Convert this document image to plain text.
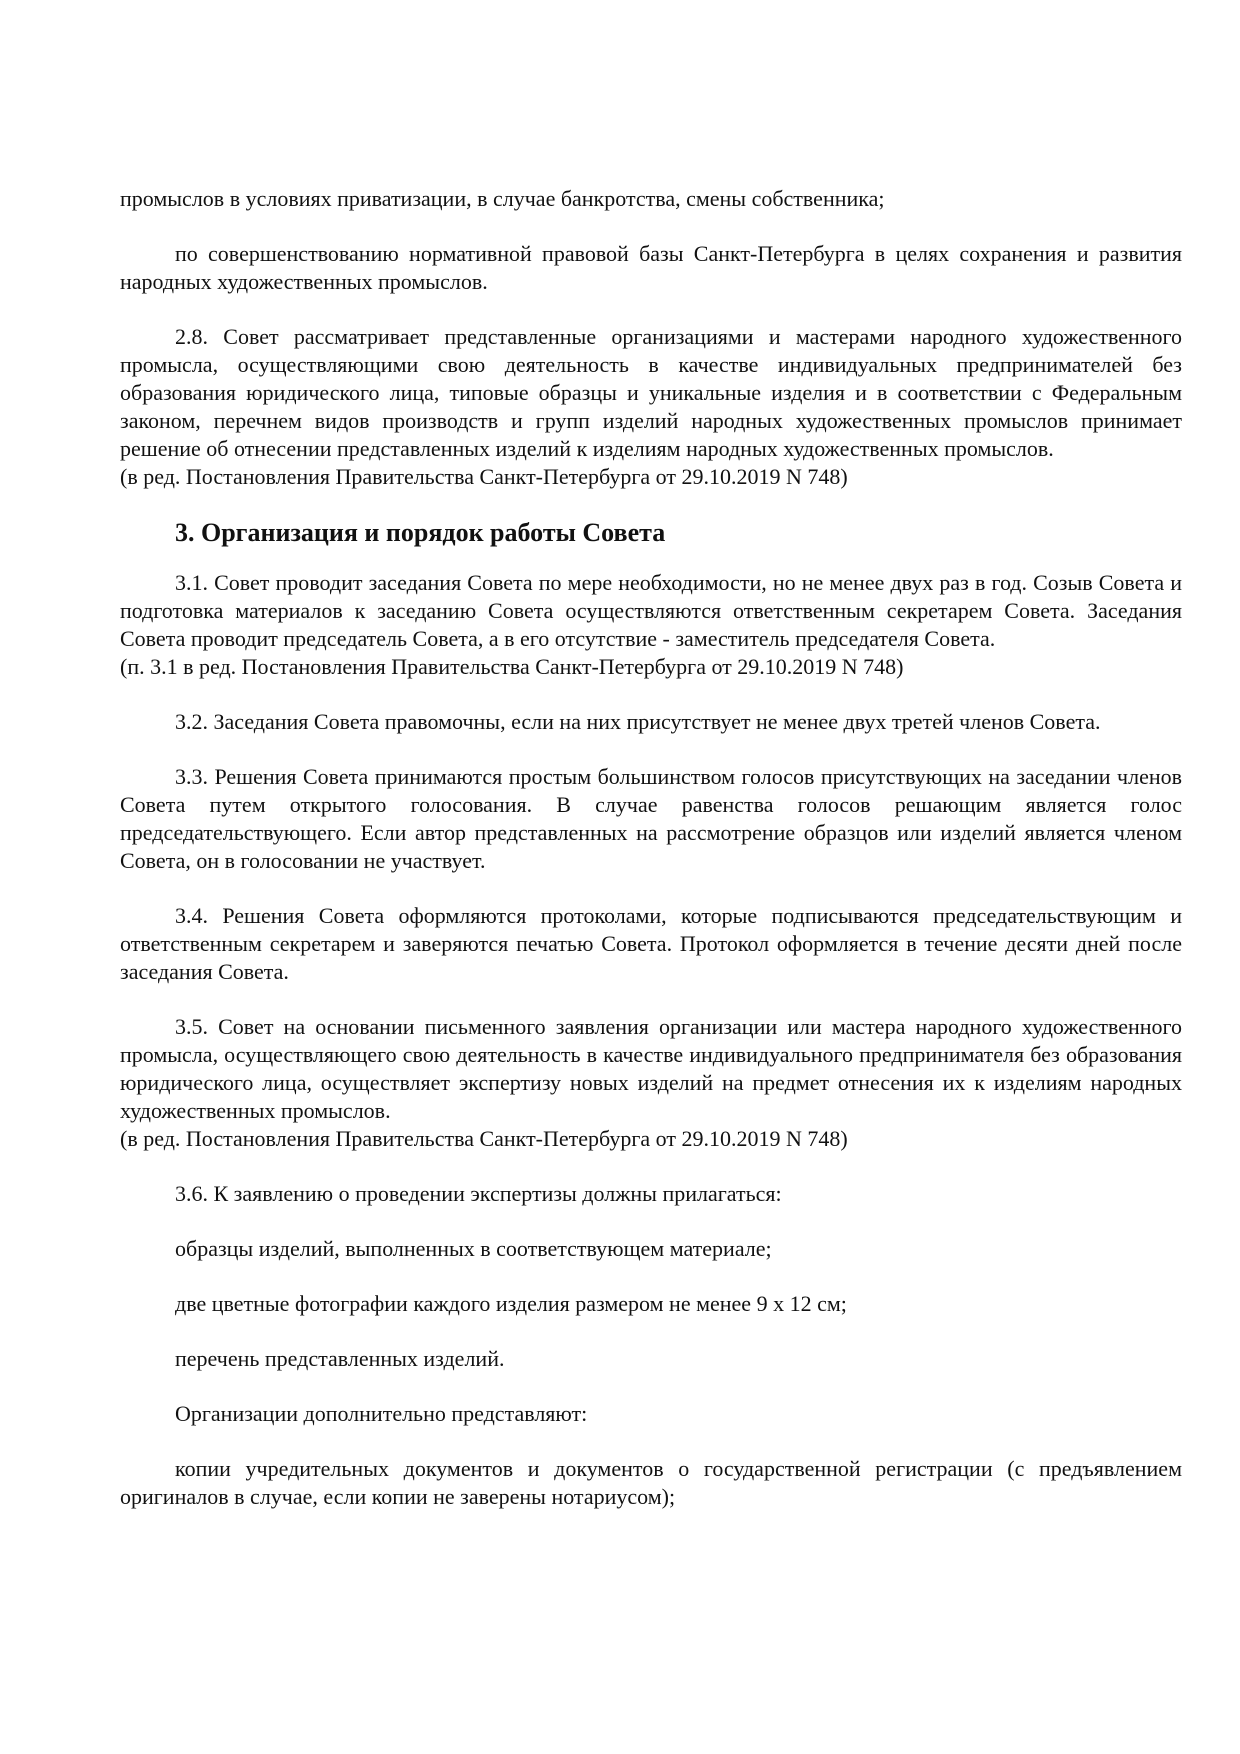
промыслов в условиях приватизации, в случае банкротства, смены собственника;

по совершенствованию нормативной правовой базы Санкт-Петербурга в целях сохранения и развития народных художественных промыслов.

2.8. Совет рассматривает представленные организациями и мастерами народного художественного промысла, осуществляющими свою деятельность в качестве индивидуальных предпринимателей без образования юридического лица, типовые образцы и уникальные изделия и в соответствии с Федеральным законом, перечнем видов производств и групп изделий народных художественных промыслов принимает решение об отнесении представленных изделий к изделиям народных художественных промыслов.

(в ред. Постановления Правительства Санкт-Петербурга от 29.10.2019 N 748)

3. Организация и порядок работы Совета

3.1. Совет проводит заседания Совета по мере необходимости, но не менее двух раз в год. Созыв Совета и подготовка материалов к заседанию Совета осуществляются ответственным секретарем Совета. Заседания Совета проводит председатель Совета, а в его отсутствие - заместитель председателя Совета.

(п. 3.1 в ред. Постановления Правительства Санкт-Петербурга от 29.10.2019 N 748)

3.2. Заседания Совета правомочны, если на них присутствует не менее двух третей членов Совета.

3.3. Решения Совета принимаются простым большинством голосов присутствующих на заседании членов Совета путем открытого голосования. В случае равенства голосов решающим является голос председательствующего. Если автор представленных на рассмотрение образцов или изделий является членом Совета, он в голосовании не участвует.

3.4. Решения Совета оформляются протоколами, которые подписываются председательствующим и ответственным секретарем и заверяются печатью Совета. Протокол оформляется в течение десяти дней после заседания Совета.

3.5. Совет на основании письменного заявления организации или мастера народного художественного промысла, осуществляющего свою деятельность в качестве индивидуального предпринимателя без образования юридического лица, осуществляет экспертизу новых изделий на предмет отнесения их к изделиям народных художественных промыслов.

(в ред. Постановления Правительства Санкт-Петербурга от 29.10.2019 N 748)

3.6. К заявлению о проведении экспертизы должны прилагаться:

образцы изделий, выполненных в соответствующем материале;

две цветные фотографии каждого изделия размером не менее 9 х 12 см;

перечень представленных изделий.

Организации дополнительно представляют:

копии учредительных документов и документов о государственной регистрации (с предъявлением оригиналов в случае, если копии не заверены нотариусом);
